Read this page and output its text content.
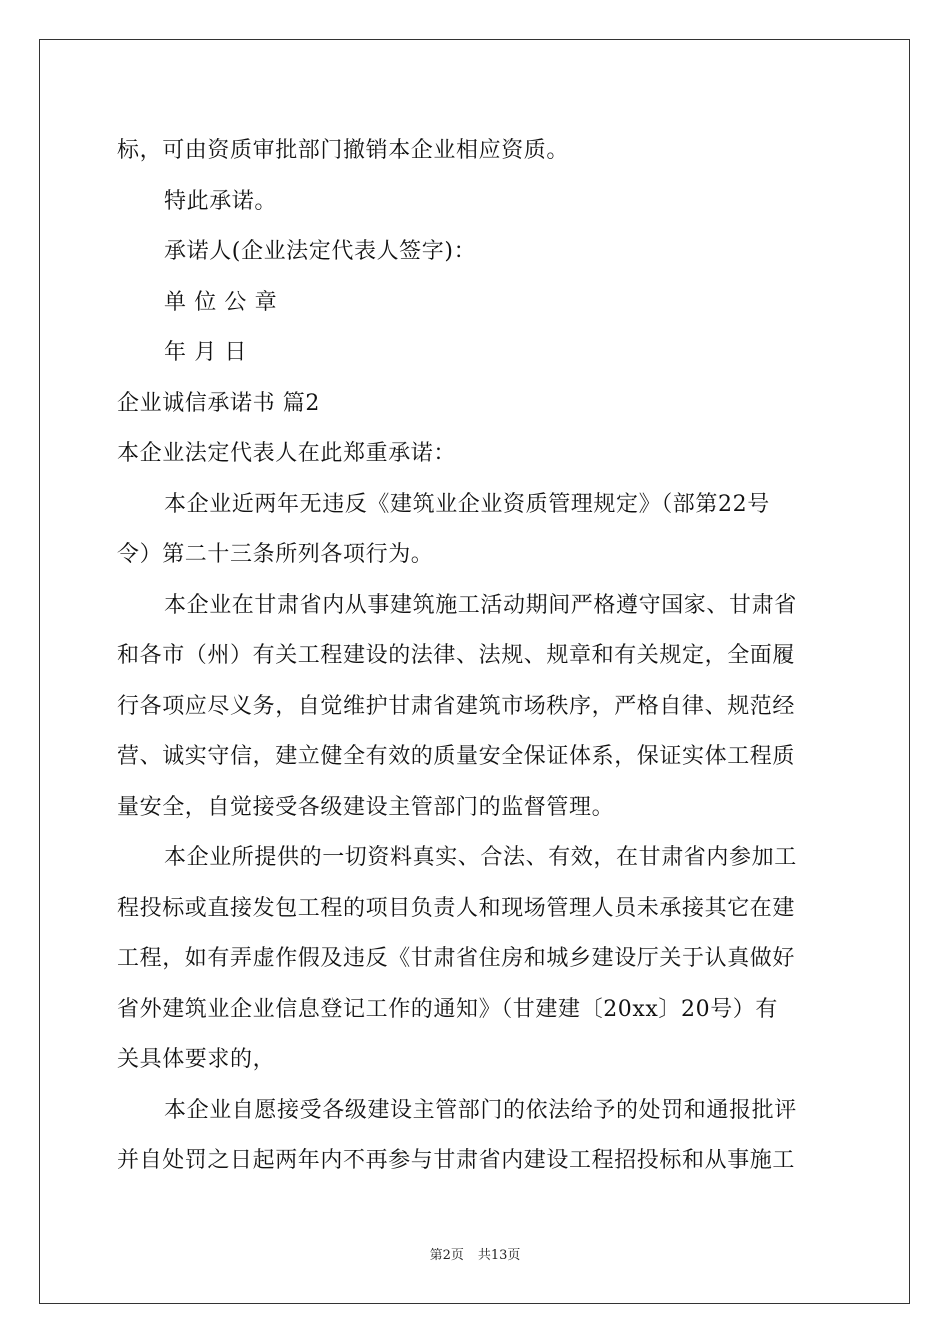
标，可由资质审批部门撤销本企业相应资质。
特此承诺。
承诺人(企业法定代表人签字)：
单 位 公 章
年 月 日
企业诚信承诺书 篇2
本企业法定代表人在此郑重承诺：
本企业近两年无违反《建筑业企业资质管理规定》（部第22号
令）第二十三条所列各项行为。
本企业在甘肃省内从事建筑施工活动期间严格遵守国家、甘肃省
和各市（州）有关工程建设的法律、法规、规章和有关规定，全面履
行各项应尽义务，自觉维护甘肃省建筑市场秩序，严格自律、规范经
营、诚实守信，建立健全有效的质量安全保证体系，保证实体工程质
量安全，自觉接受各级建设主管部门的监督管理。
本企业所提供的一切资料真实、合法、有效，在甘肃省内参加工
程投标或直接发包工程的项目负责人和现场管理人员未承接其它在建
工程，如有弄虚作假及违反《甘肃省住房和城乡建设厅关于认真做好
省外建筑业企业信息登记工作的通知》（甘建建〔20xx〕20号）有
关具体要求的，
本企业自愿接受各级建设主管部门的依法给予的处罚和通报批评
并自处罚之日起两年内不再参与甘肃省内建设工程招投标和从事施工
第2页 共13页
